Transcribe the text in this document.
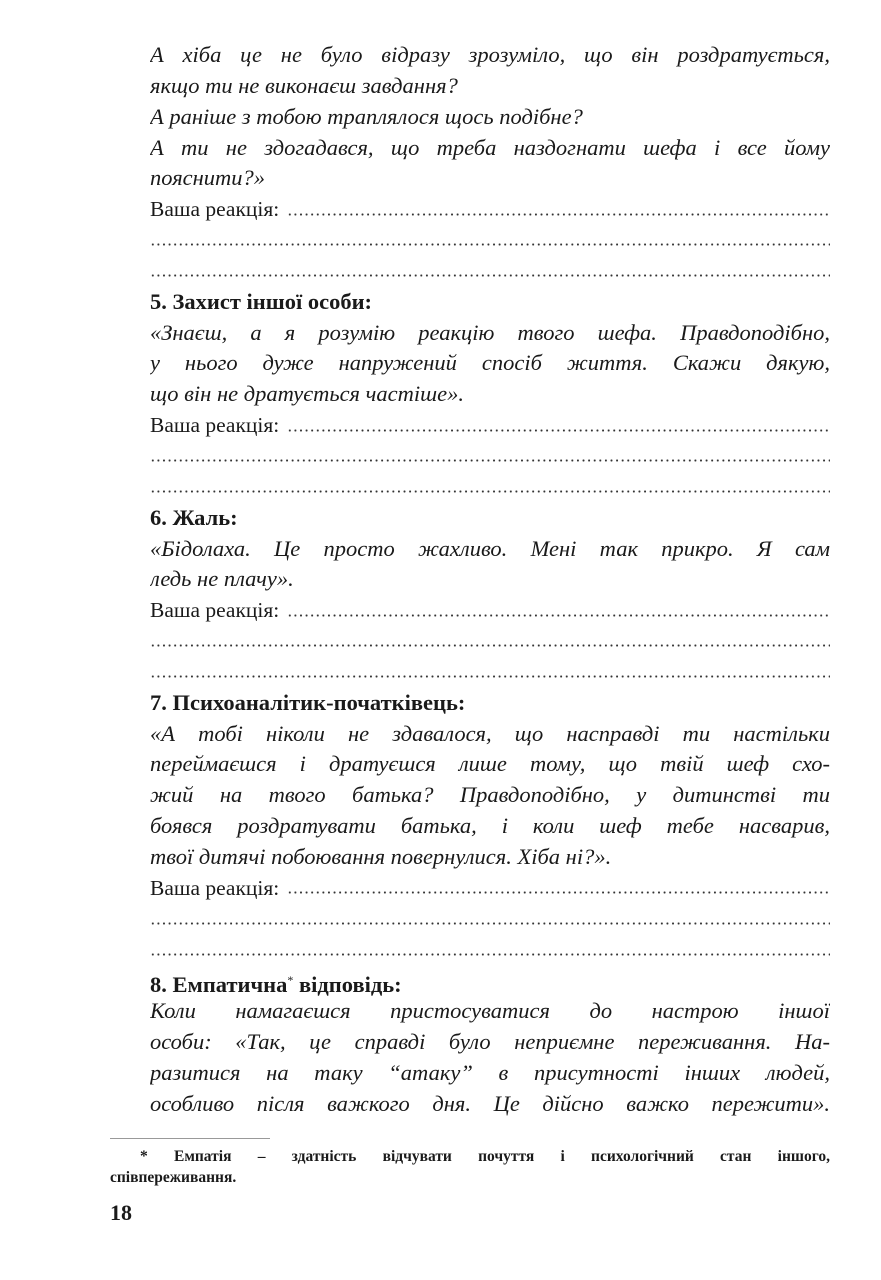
А хіба це не було відразу зрозуміло, що він роздратується,
якщо ти не виконаєш завдання?
А раніше з тобою траплялося щось подібне?
А ти не здогадався, що треба наздогнати шефа і все йому
пояснити?»
Ваша реакція:
5. Захист іншої особи:
«Знаєш, а я розумію реакцію твого шефа. Правдоподібно,
у нього дуже напружений спосіб життя. Скажи дякую,
що він не дратується частіше».
Ваша реакція:
6. Жаль:
«Бідолаха. Це просто жахливо. Мені так прикро. Я сам
ледь не плачу».
Ваша реакція:
7. Психоаналітик-початківець:
«А тобі ніколи не здавалося, що насправді ти настільки
переймаєшся і дратуєшся лише тому, що твій шеф схо-
жий на твого батька? Правдоподібно, у дитинстві ти
боявся роздратувати батька, і коли шеф тебе насварив,
твої дитячі побоювання повернулися. Хіба ні?».
Ваша реакція:
8. Емпатична* відповідь:
Коли намагаєшся пристосуватися до настрою іншої
особи: «Так, це справді було неприємне переживання. На-
разитися на таку “атаку” в присутності інших людей,
особливо після важкого дня. Це дійсно важко пережити».
* Емпатія – здатність відчувати почуття і психологічний стан іншого,
співпереживання.
18
